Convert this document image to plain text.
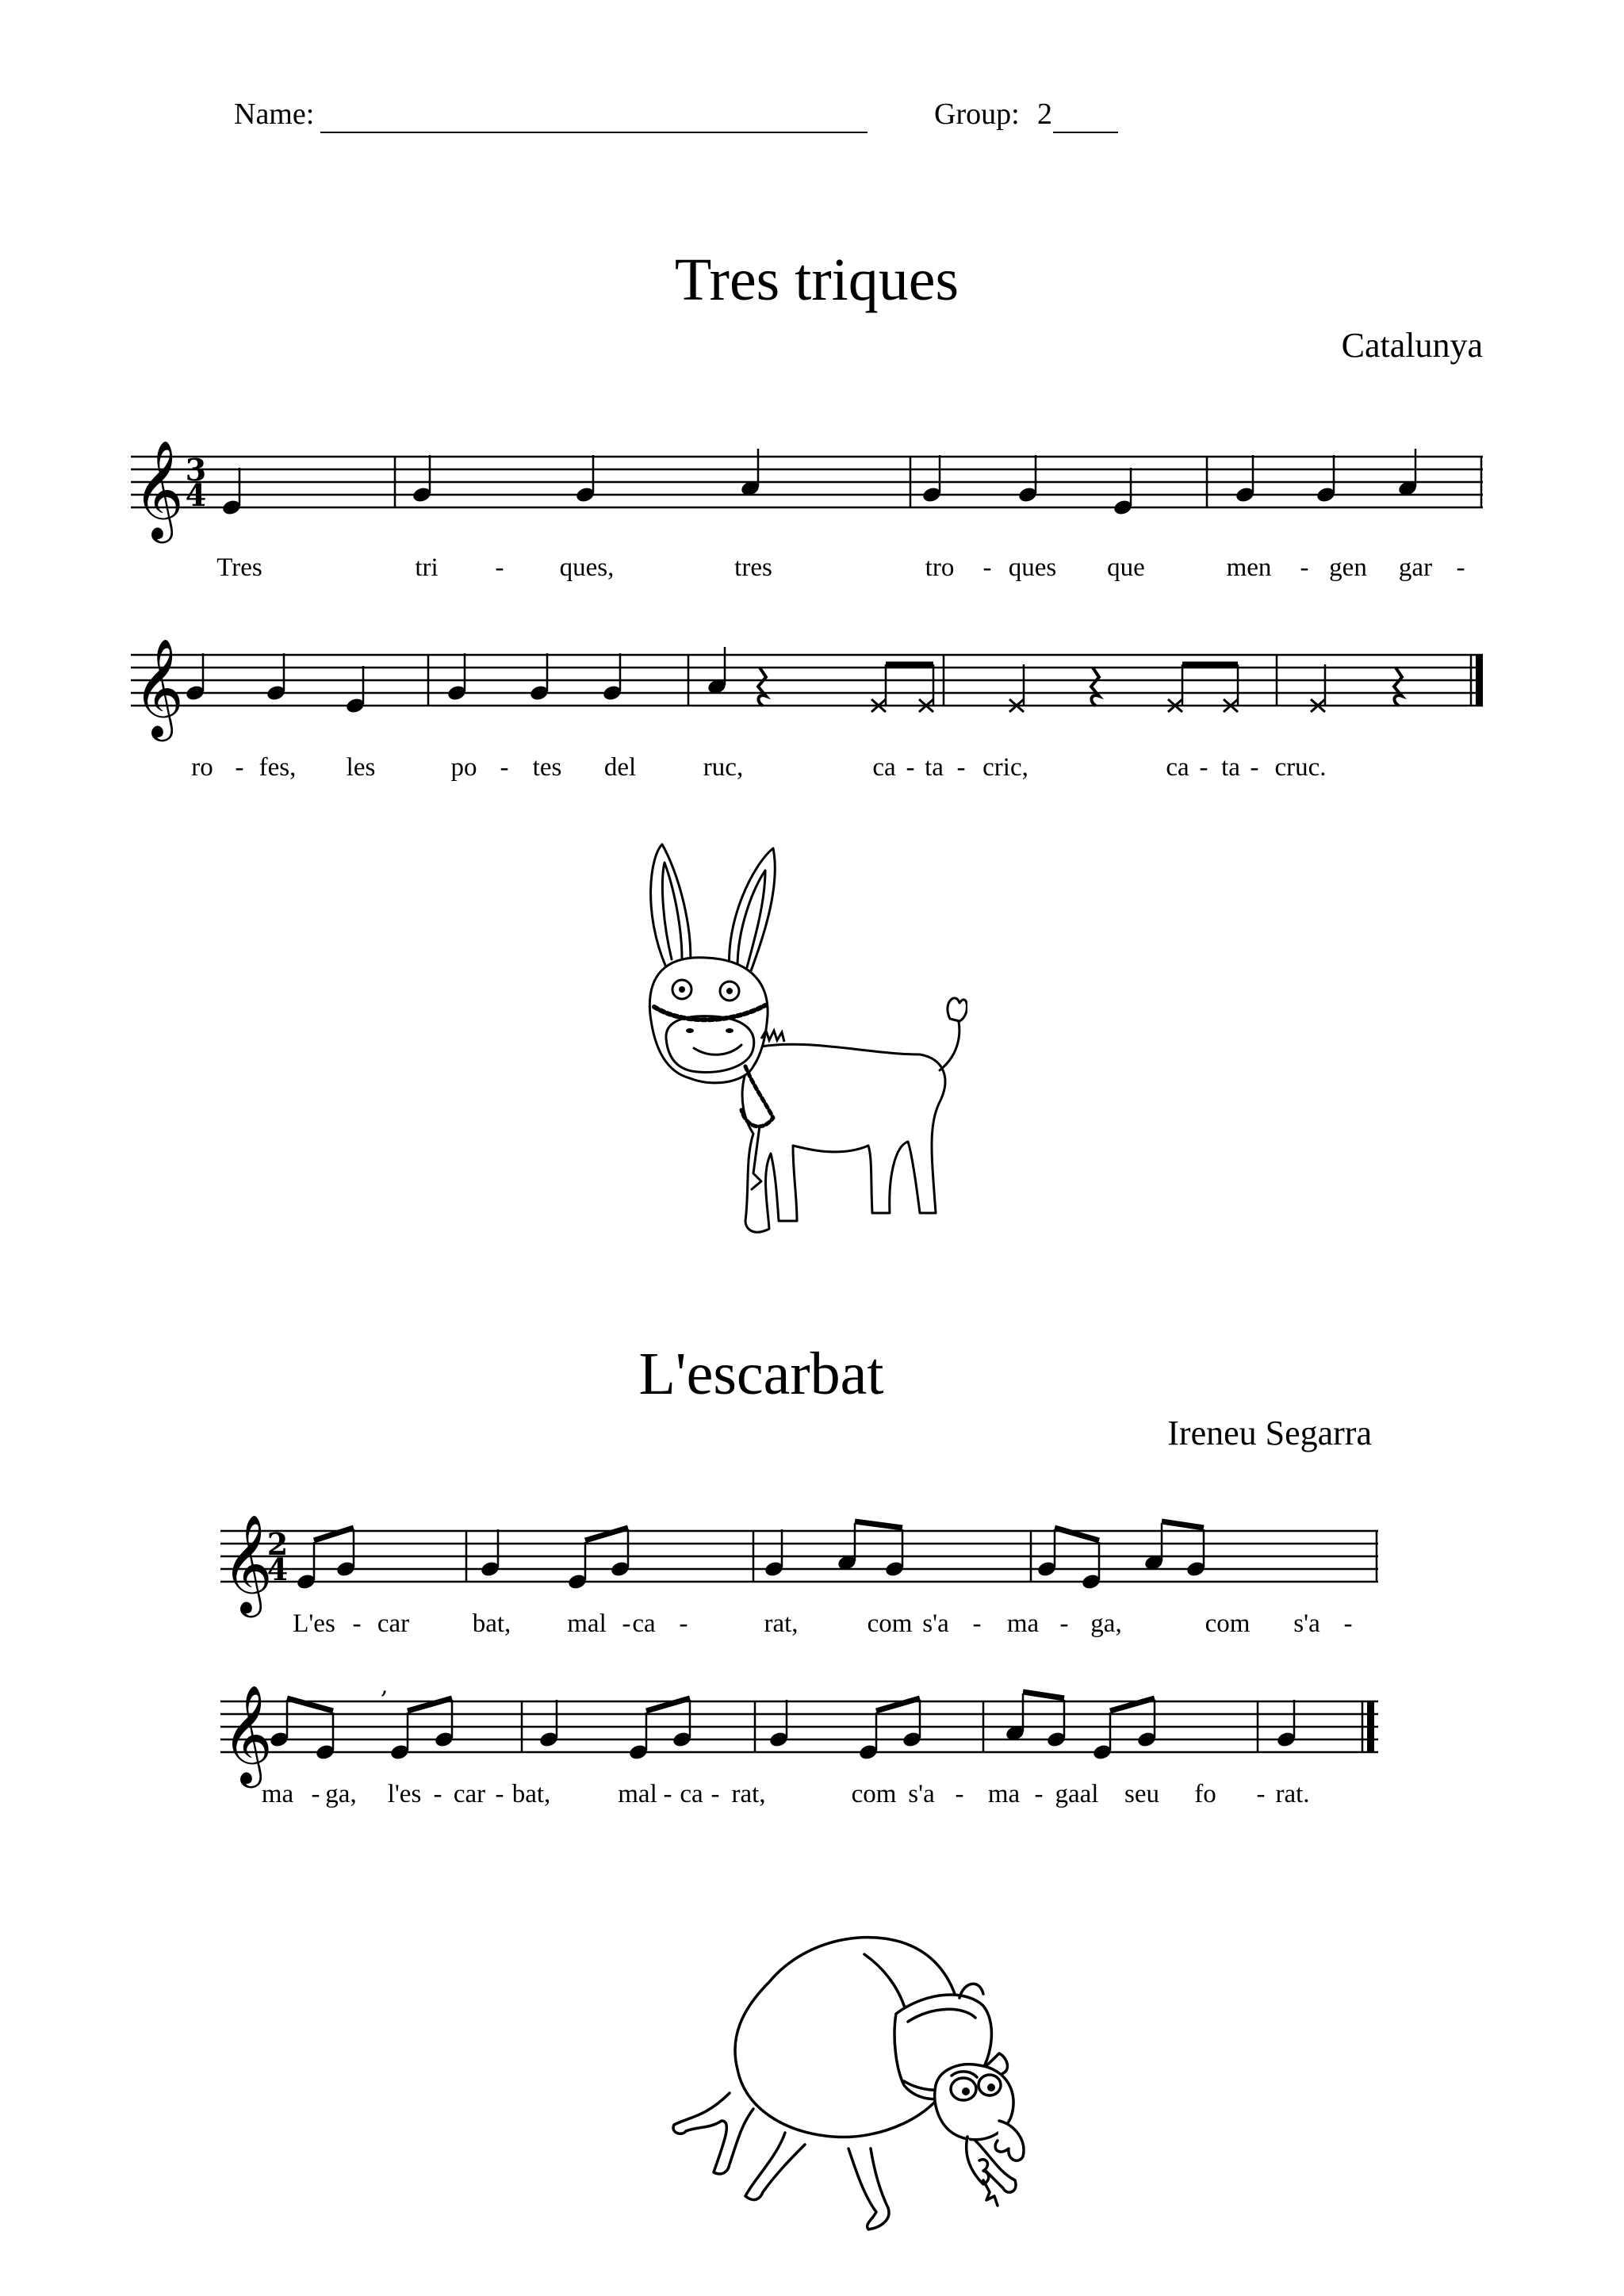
Name:	Group: 2
Tres triques
Catalunya
𝄞 3
4
Tres	tri - ques,	tres	tro - ques que	men - gen gar -
𝄞
ro - fes, les	po - tes del	ruc,	ca - ta - cric,	ca - ta - cruc.
L'escarbat
Ireneu Segarra
𝄞
2
4
L'es - car bat, mal - ca -	rat,	com s'a - ma - ga,	com s'a -
𝄞	,
ma - ga, l'es - car - bat,	mal - ca - rat,	com s'a - ma - gaal seu fo - rat.
